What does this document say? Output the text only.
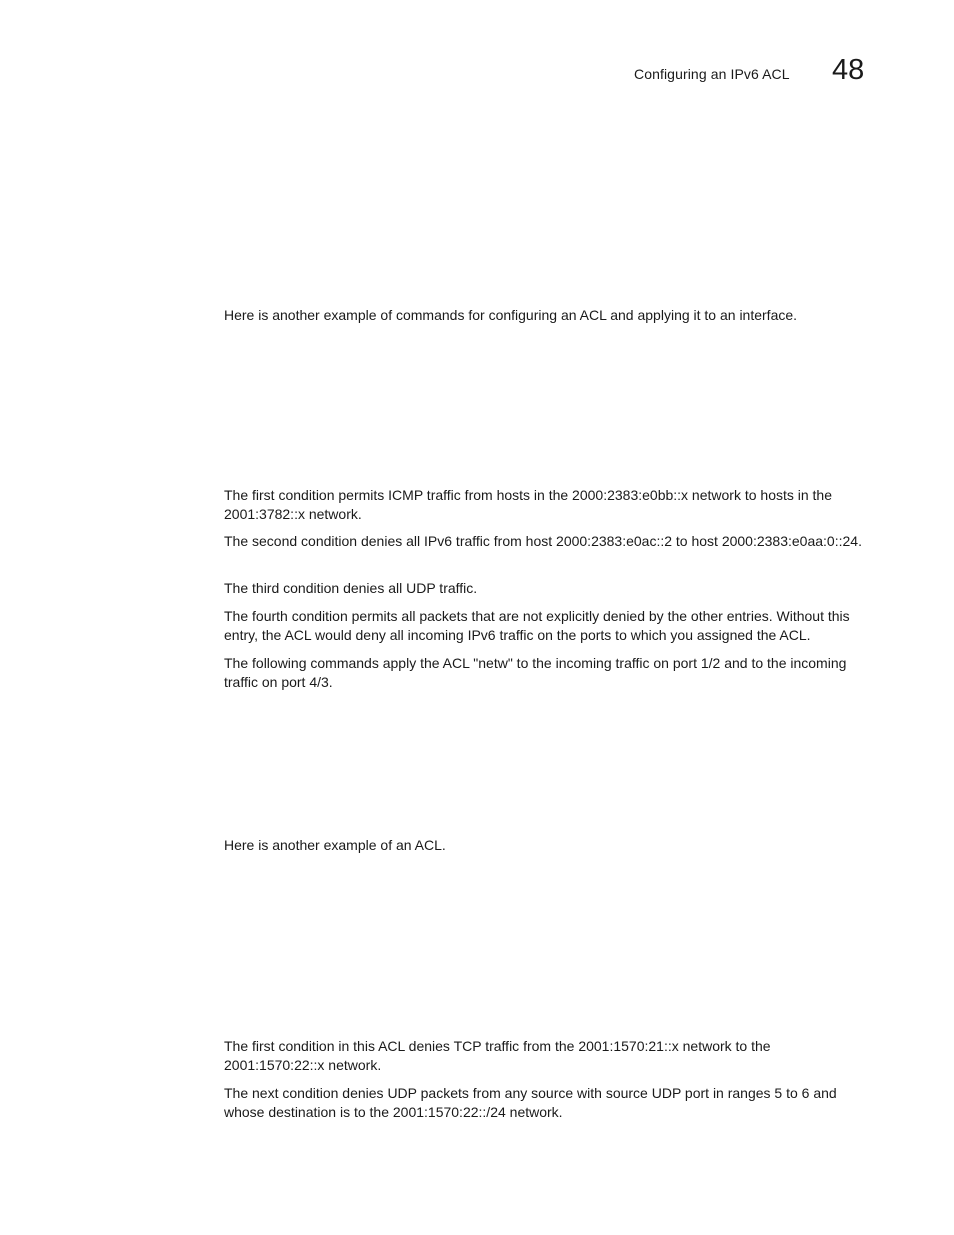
Configuring an IPv6 ACL 48

Here is another example of commands for configuring an ACL and applying it to an interface.

The first condition permits ICMP traffic from hosts in the 2000:2383:e0bb::x network to hosts in the 2001:3782::x network.

The second condition denies all IPv6 traffic from host 2000:2383:e0ac::2 to host 2000:2383:e0aa:0::24.

The third condition denies all UDP traffic.

The fourth condition permits all packets that are not explicitly denied by the other entries. Without this entry, the ACL would deny all incoming IPv6 traffic on the ports to which you assigned the ACL.

The following commands apply the ACL "netw" to the incoming traffic on port 1/2 and to the incoming traffic on port 4/3.

Here is another example of an ACL.

The first condition in this ACL denies TCP traffic from the 2001:1570:21::x network to the 2001:1570:22::x network.

The next condition denies UDP packets from any source with source UDP port in ranges 5 to 6 and whose destination is to the 2001:1570:22::/24 network.
